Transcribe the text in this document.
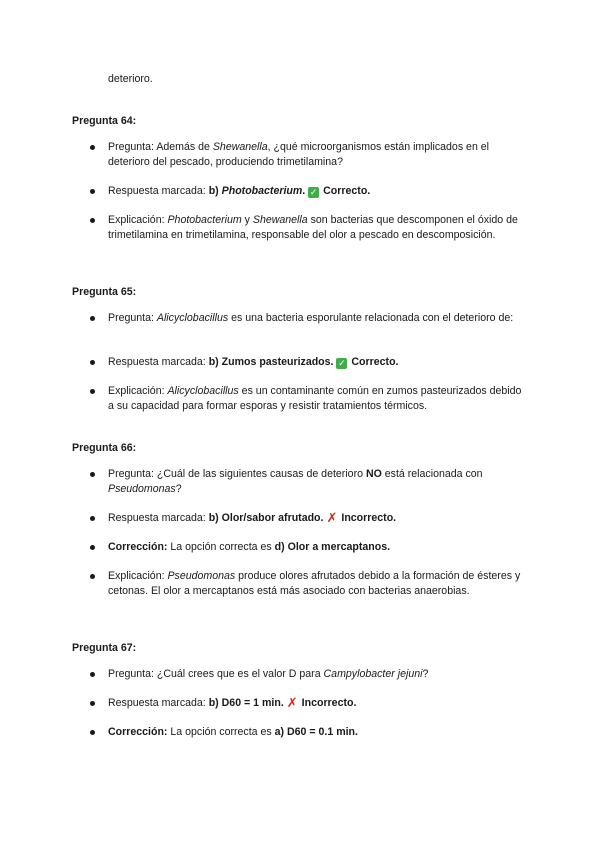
deterioro.
Pregunta 64:
Pregunta: Además de Shewanella, ¿qué microorganismos están implicados en el deterioro del pescado, produciendo trimetilamina?
Respuesta marcada: b) Photobacterium. ✓ Correcto.
Explicación: Photobacterium y Shewanella son bacterias que descomponen el óxido de trimetilamina en trimetilamina, responsable del olor a pescado en descomposición.
Pregunta 65:
Pregunta: Alicyclobacillus es una bacteria esporulante relacionada con el deterioro de:
Respuesta marcada: b) Zumos pasteurizados. ✓ Correcto.
Explicación: Alicyclobacillus es un contaminante común en zumos pasteurizados debido a su capacidad para formar esporas y resistir tratamientos térmicos.
Pregunta 66:
Pregunta: ¿Cuál de las siguientes causas de deterioro NO está relacionada con Pseudomonas?
Respuesta marcada: b) Olor/sabor afrutado. ✗ Incorrecto.
Corrección: La opción correcta es d) Olor a mercaptanos.
Explicación: Pseudomonas produce olores afrutados debido a la formación de ésteres y cetonas. El olor a mercaptanos está más asociado con bacterias anaerobias.
Pregunta 67:
Pregunta: ¿Cuál crees que es el valor D para Campylobacter jejuni?
Respuesta marcada: b) D60 = 1 min. ✗ Incorrecto.
Corrección: La opción correcta es a) D60 = 0.1 min.
